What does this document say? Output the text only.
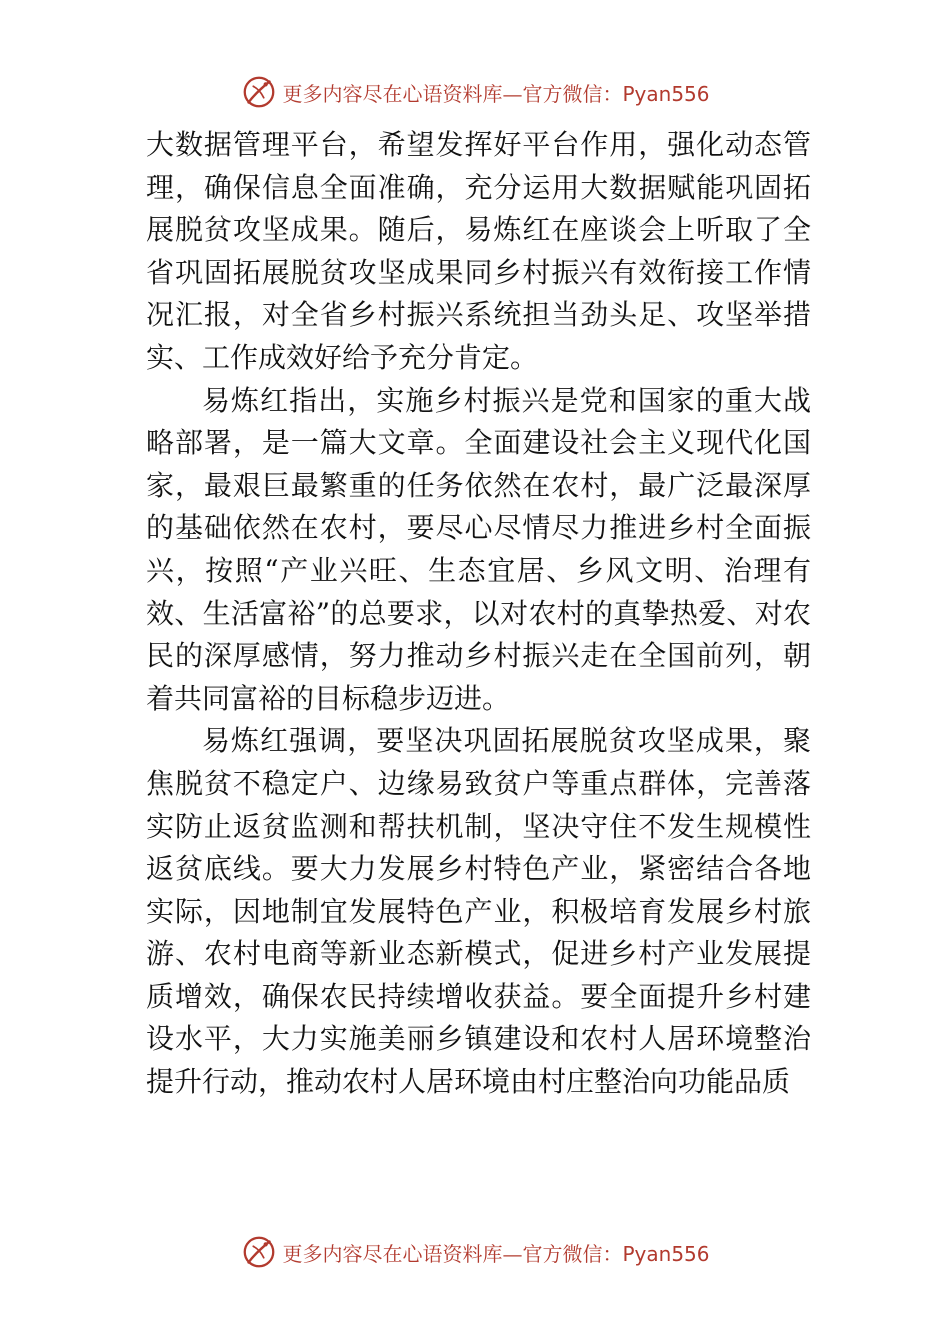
更多内容尽在心语资料库—官方微信：Pyan556

大数据管理平台，希望发挥好平台作用，强化动态管理，确保信息全面准确，充分运用大数据赋能巩固拓展脱贫攻坚成果。随后，易炼红在座谈会上听取了全省巩固拓展脱贫攻坚成果同乡村振兴有效衔接工作情况汇报，对全省乡村振兴系统担当劲头足、攻坚举措实、工作成效好给予充分肯定。

易炼红指出，实施乡村振兴是党和国家的重大战略部署，是一篇大文章。全面建设社会主义现代化国家，最艰巨最繁重的任务依然在农村，最广泛最深厚的基础依然在农村，要尽心尽情尽力推进乡村全面振兴，按照“产业兴旺、生态宜居、乡风文明、治理有效、生活富裕”的总要求，以对农村的真挚热爱、对农民的深厚感情，努力推动乡村振兴走在全国前列，朝着共同富裕的目标稳步迈进。

易炼红强调，要坚决巩固拓展脱贫攻坚成果，聚焦脱贫不稳定户、边缘易致贫户等重点群体，完善落实防止返贫监测和帮扶机制，坚决守住不发生规模性返贫底线。要大力发展乡村特色产业，紧密结合各地实际，因地制宜发展特色产业，积极培育发展乡村旅游、农村电商等新业态新模式，促进乡村产业发展提质增效，确保农民持续增收获益。要全面提升乡村建设水平，大力实施美丽乡镇建设和农村人居环境整治提升行动，推动农村人居环境由村庄整治向功能品质

更多内容尽在心语资料库—官方微信：Pyan556
